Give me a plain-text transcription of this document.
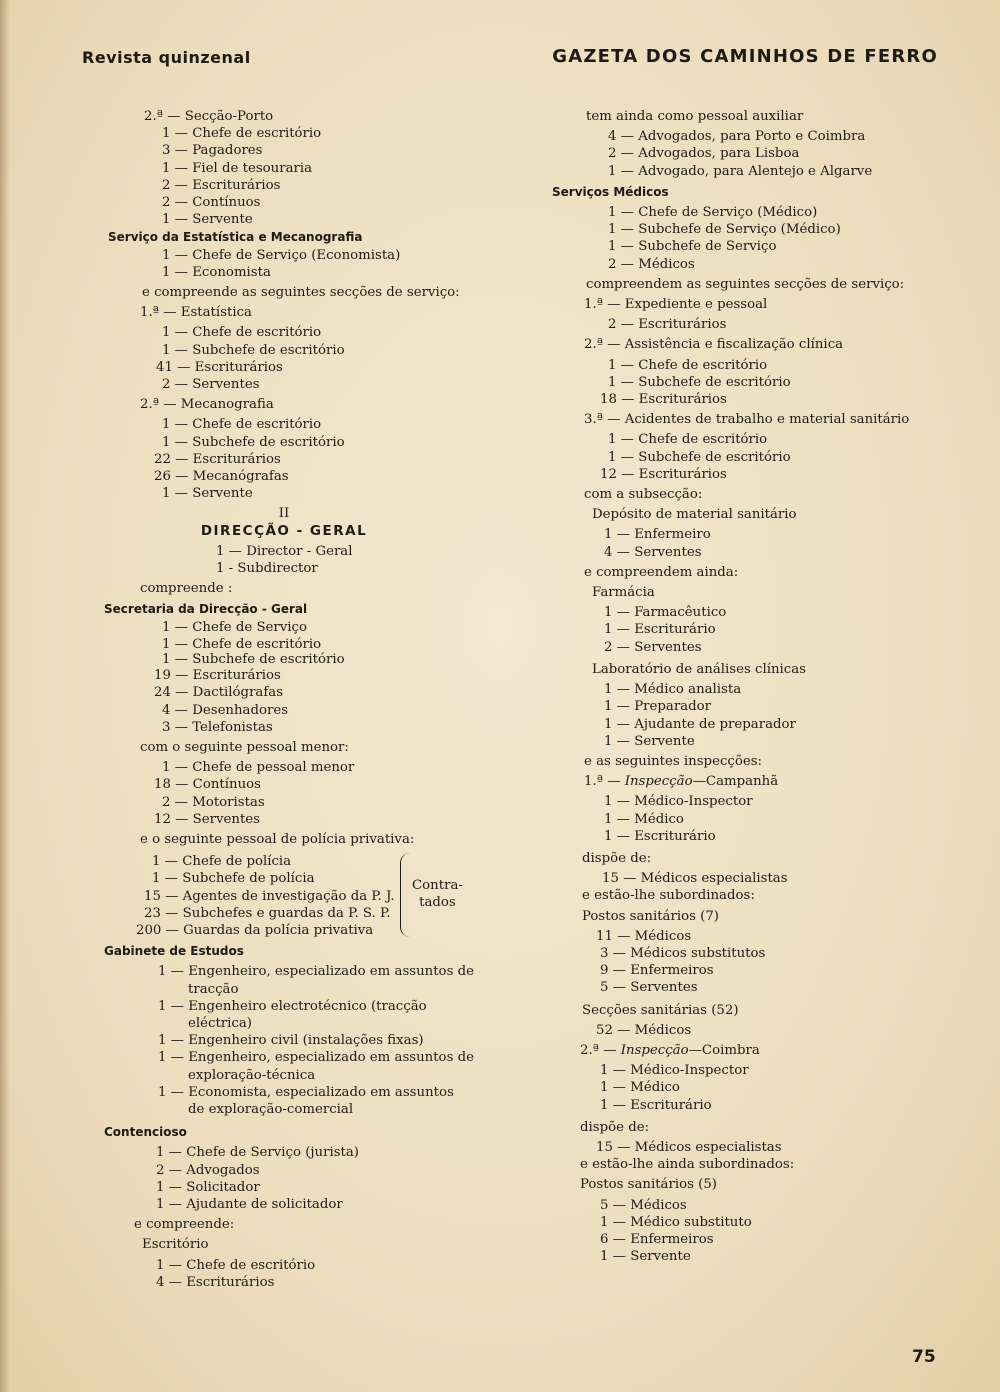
Revista quinzenal	GAZETA DOS CAMINHOS DE FERRO
2.ª — Secção-Porto
1 — Chefe de escritório
3 — Pagadores
1 — Fiel de tesouraria
2 — Escriturários
2 — Contínuos
1 — Servente
Serviço da Estatística e Mecanografia
1 — Chefe de Serviço (Economista)
1 — Economista
e compreende as seguintes secções de serviço:
1.ª — Estatística
1 — Chefe de escritório
1 — Subchefe de escritório
41 — Escriturários
2 — Serventes
2.ª — Mecanografia
1 — Chefe de escritório
1 — Subchefe de escritório
22 — Escriturários
26 — Mecanógrafas
1 — Servente
II
DIRECÇÃO - GERAL
1 — Director - Geral
1 - Subdirector
compreende :
Secretaria da Direcção - Geral
1 — Chefe de Serviço
1 — Chefe de escritório
1 — Subchefe de escritório
19 — Escriturários
24 — Dactilógrafas
4 — Desenhadores
3 — Telefonistas
com o seguinte pessoal menor:
1 — Chefe de pessoal menor
18 — Contínuos
2 — Motoristas
12 — Serventes
e o seguinte pessoal de polícia privativa:
1 — Chefe de polícia
1 — Subchefe de polícia
15 — Agentes de investigação da P. J.
23 — Subchefes e guardas da P. S. P.
200 — Guardas da polícia privativa
Contra-
tados
Gabinete de Estudos
1 — Engenheiro, especializado em assuntos de tracção
1 — Engenheiro electrotécnico (tracção eléctrica)
1 — Engenheiro civil (instalações fixas)
1 — Engenheiro, especializado em assuntos de exploração-técnica
1 — Economista, especializado em assuntos de exploração-comercial
Contencioso
1 — Chefe de Serviço (jurista)
2 — Advogados
1 — Solicitador
1 — Ajudante de solicitador
e compreende:
Escritório
1 — Chefe de escritório
4 — Escriturários
tem ainda como pessoal auxiliar
4 — Advogados, para Porto e Coimbra
2 — Advogados, para Lisboa
1 — Advogado, para Alentejo e Algarve
Serviços Médicos
1 — Chefe de Serviço (Médico)
1 — Subchefe de Serviço (Médico)
1 — Subchefe de Serviço
2 — Médicos
compreendem as seguintes secções de serviço:
1.ª — Expediente e pessoal
2 — Escriturários
2.ª — Assistência e fiscalização clínica
1 — Chefe de escritório
1 — Subchefe de escritório
18 — Escriturários
3.ª — Acidentes de trabalho e material sanitário
1 — Chefe de escritório
1 — Subchefe de escritório
12 — Escriturários
com a subsecção:
Depósito de material sanitário
1 — Enfermeiro
4 — Serventes
e compreendem ainda:
Farmácia
1 — Farmacêutico
1 — Escriturário
2 — Serventes
Laboratório de análises clínicas
1 — Médico analista
1 — Preparador
1 — Ajudante de preparador
1 — Servente
e as seguintes inspecções:
1.ª — Inspecção—Campanhã
1 — Médico-Inspector
1 — Médico
1 — Escriturário
dispõe de:
15 — Médicos especialistas
e estão-lhe subordinados:
Postos sanitários (7)
11 — Médicos
3 — Médicos substitutos
9 — Enfermeiros
5 — Serventes
Secções sanitárias (52)
52 — Médicos
2.ª — Inspecção—Coimbra
1 — Médico-Inspector
1 — Médico
1 — Escriturário
dispõe de:
15 — Médicos especialistas
e estão-lhe ainda subordinados:
Postos sanitários (5)
5 — Médicos
1 — Médico substituto
6 — Enfermeiros
1 — Servente
75
